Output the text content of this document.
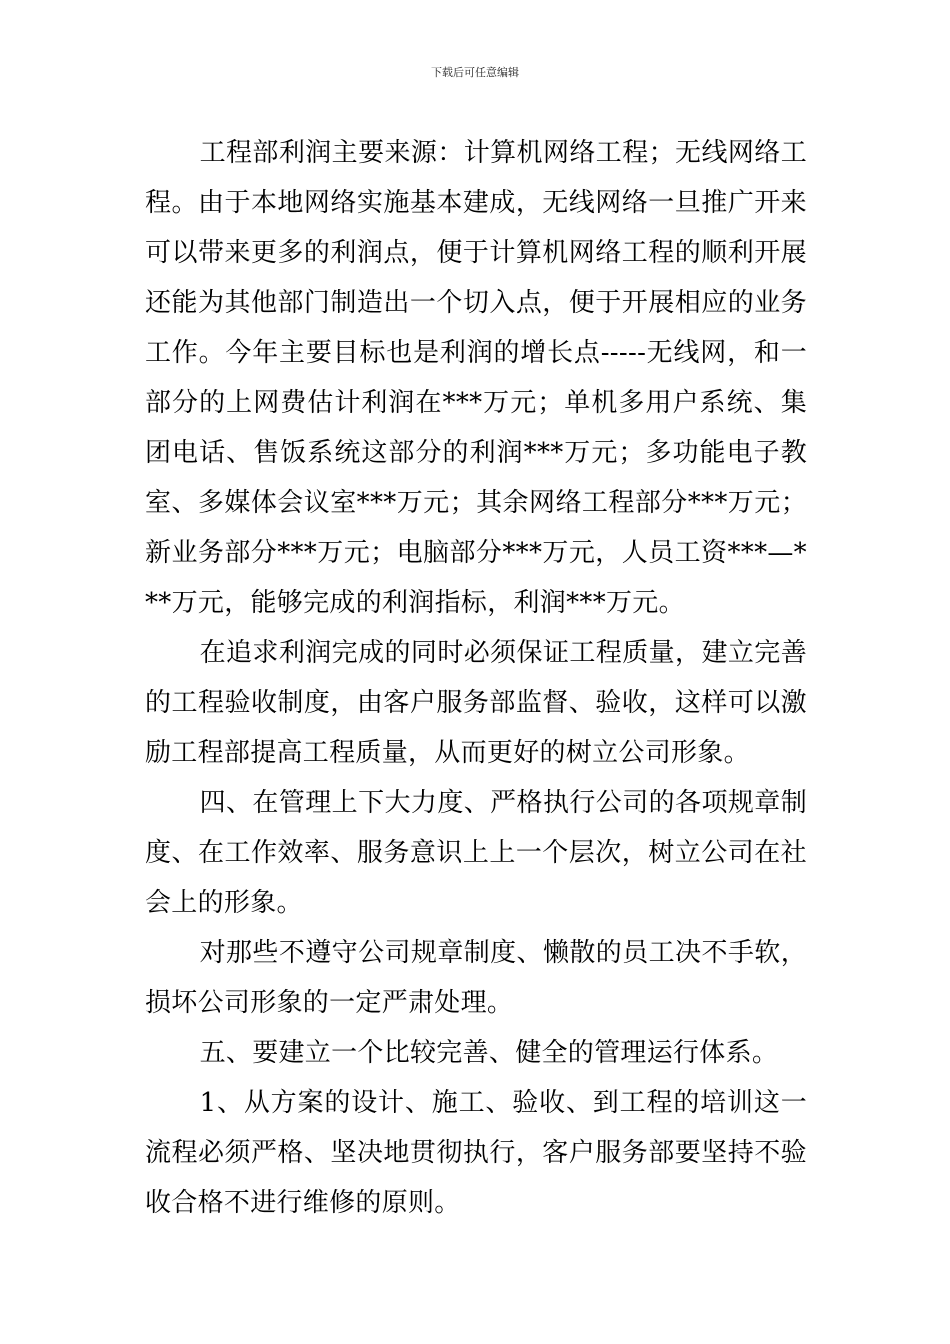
下载后可任意编辑

工程部利润主要来源：计算机网络工程；无线网络工程。由于本地网络实施基本建成，无线网络一旦推广开来可以带来更多的利润点，便于计算机网络工程的顺利开展还能为其他部门制造出一个切入点，便于开展相应的业务工作。今年主要目标也是利润的增长点-----无线网，和一部分的上网费估计利润在***万元；单机多用户系统、集团电话、售饭系统这部分的利润***万元；多功能电子教室、多媒体会议室***万元；其余网络工程部分***万元；新业务部分***万元；电脑部分***万元，人员工资***—***万元，能够完成的利润指标，利润***万元。

在追求利润完成的同时必须保证工程质量，建立完善的工程验收制度，由客户服务部监督、验收，这样可以激励工程部提高工程质量，从而更好的树立公司形象。

四、在管理上下大力度、严格执行公司的各项规章制度、在工作效率、服务意识上上一个层次，树立公司在社会上的形象。

对那些不遵守公司规章制度、懒散的员工决不手软，损坏公司形象的一定严肃处理。

五、要建立一个比较完善、健全的管理运行体系。

1、从方案的设计、施工、验收、到工程的培训这一流程必须严格、坚决地贯彻执行，客户服务部要坚持不验收合格不进行维修的原则。
